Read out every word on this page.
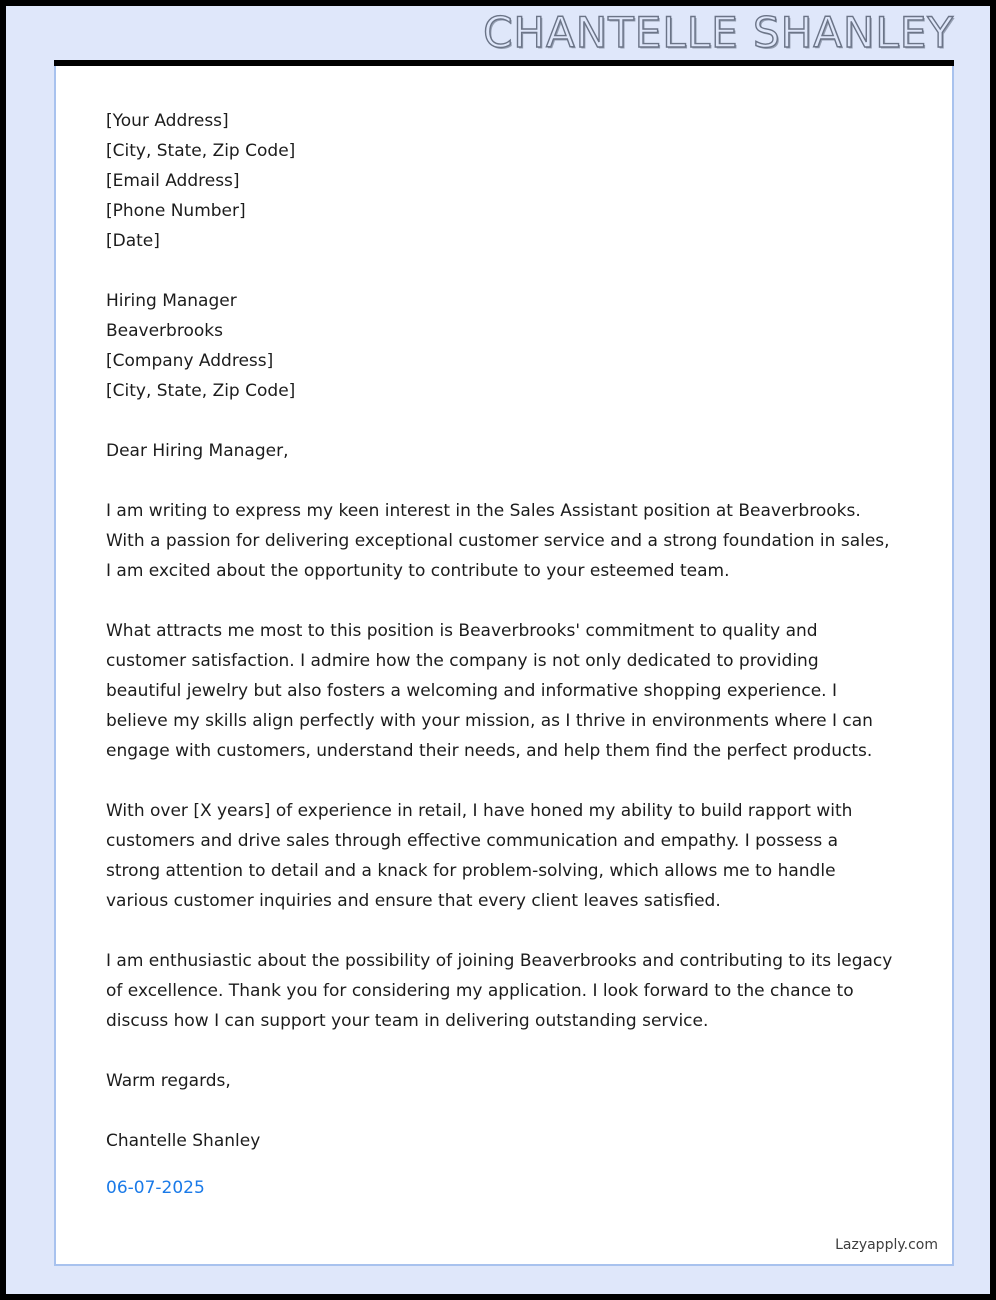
CHANTELLE SHANLEY

[Your Address]

[City, State, Zip Code]

[Email Address]

[Phone Number]

[Date]

Hiring Manager

Beaverbrooks

[Company Address]

[City, State, Zip Code]

Dear Hiring Manager,

I am writing to express my keen interest in the Sales Assistant position at Beaverbrooks. With a passion for delivering exceptional customer service and a strong foundation in sales, I am excited about the opportunity to contribute to your esteemed team.

What attracts me most to this position is Beaverbrooks' commitment to quality and customer satisfaction. I admire how the company is not only dedicated to providing beautiful jewelry but also fosters a welcoming and informative shopping experience. I believe my skills align perfectly with your mission, as I thrive in environments where I can engage with customers, understand their needs, and help them find the perfect products.

With over [X years] of experience in retail, I have honed my ability to build rapport with customers and drive sales through effective communication and empathy. I possess a strong attention to detail and a knack for problem-solving, which allows me to handle various customer inquiries and ensure that every client leaves satisfied.

I am enthusiastic about the possibility of joining Beaverbrooks and contributing to its legacy of excellence. Thank you for considering my application. I look forward to the chance to discuss how I can support your team in delivering outstanding service.

Warm regards,

Chantelle Shanley

06-07-2025

Lazyapply.com
